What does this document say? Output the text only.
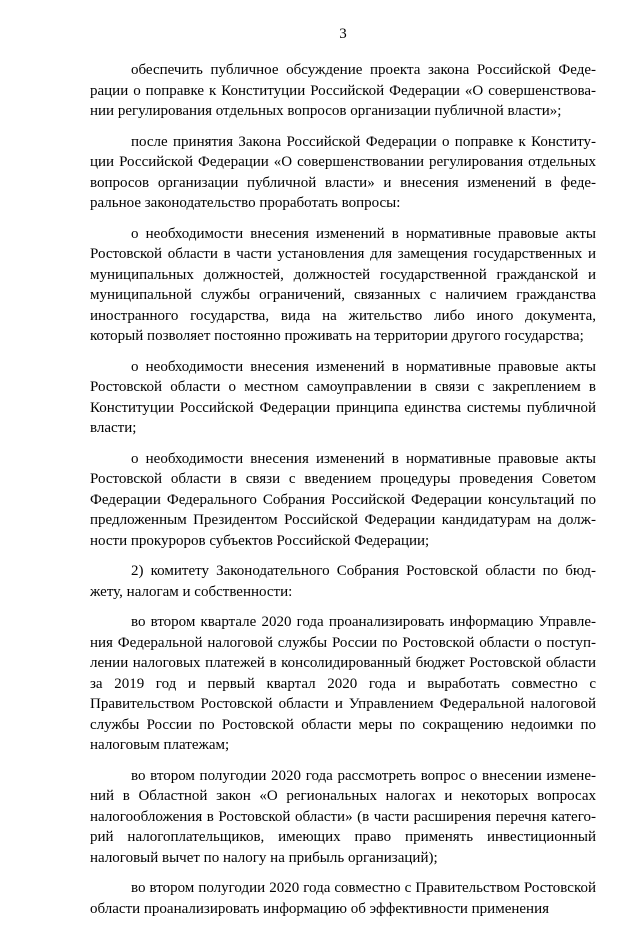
3

обеспечить публичное обсуждение проекта закона Российской Федерации о поправке к Конституции Российской Федерации «О совершенствовании регулирования отдельных вопросов организации публичной власти»;

после принятия Закона Российской Федерации о поправке к Конституции Российской Федерации «О совершенствовании регулирования отдельных вопросов организации публичной власти» и внесения изменений в федеральное законодательство проработать вопросы:

о необходимости внесения изменений в нормативные правовые акты Ростовской области в части установления для замещения государственных и муниципальных должностей, должностей государственной гражданской и муниципальной службы ограничений, связанных с наличием гражданства иностранного государства, вида на жительство либо иного документа, который позволяет постоянно проживать на территории другого государства;

о необходимости внесения изменений в нормативные правовые акты Ростовской области о местном самоуправлении в связи с закреплением в Конституции Российской Федерации принципа единства системы публичной власти;

о необходимости внесения изменений в нормативные правовые акты Ростовской области в связи с введением процедуры проведения Советом Федерации Федерального Собрания Российской Федерации консультаций по предложенным Президентом Российской Федерации кандидатурам на должности прокуроров субъектов Российской Федерации;

2) комитету Законодательного Собрания Ростовской области по бюджету, налогам и собственности:

во втором квартале 2020 года проанализировать информацию Управления Федеральной налоговой службы России по Ростовской области о поступлении налоговых платежей в консолидированный бюджет Ростовской области за 2019 год и первый квартал 2020 года и выработать совместно с Правительством Ростовской области и Управлением Федеральной налоговой службы России по Ростовской области меры по сокращению недоимки по налоговым платежам;

во втором полугодии 2020 года рассмотреть вопрос о внесении изменений в Областной закон «О региональных налогах и некоторых вопросах налогообложения в Ростовской области» (в части расширения перечня категорий налогоплательщиков, имеющих право применять инвестиционный налоговый вычет по налогу на прибыль организаций);

во втором полугодии 2020 года совместно с Правительством Ростовской области проанализировать информацию об эффективности применения
